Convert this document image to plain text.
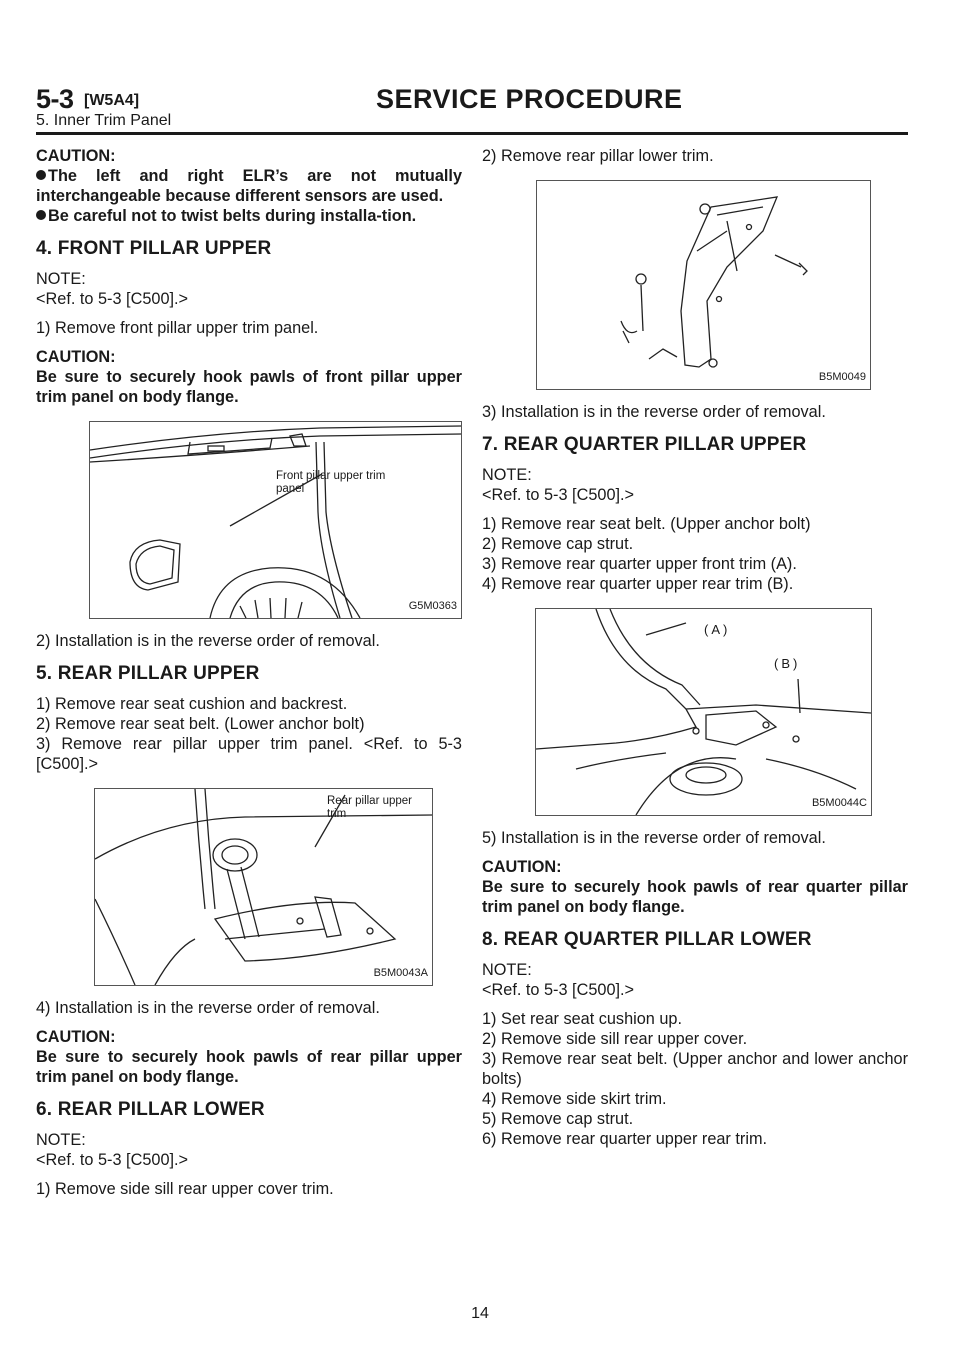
5-3 [W5A4]	SERVICE PROCEDURE
5. Inner Trim Panel

CAUTION:

The left and right ELR’s are not mutually interchangeable because different sensors are used.

Be careful not to twist belts during installa-tion.

4. FRONT PILLAR UPPER

NOTE:

<Ref. to 5-3 [C500].>

1) Remove front pillar upper trim panel.

CAUTION:

Be sure to securely hook pawls of front pillar upper trim panel on body flange.

Front pillar upper trim
panel
G5M0363

2) Installation is in the reverse order of removal.

5. REAR PILLAR UPPER

1) Remove rear seat cushion and backrest.

2) Remove rear seat belt. (Lower anchor bolt)

3) Remove rear pillar upper trim panel. <Ref. to 5-3 [C500].>

Rear pillar upper
trim
B5M0043A

4) Installation is in the reverse order of removal.

CAUTION:

Be sure to securely hook pawls of rear pillar upper trim panel on body flange.

6. REAR PILLAR LOWER

NOTE:

<Ref. to 5-3 [C500].>

1) Remove side sill rear upper cover trim.

2) Remove rear pillar lower trim.

B5M0049

3) Installation is in the reverse order of removal.

7. REAR QUARTER PILLAR UPPER

NOTE:

<Ref. to 5-3 [C500].>

1) Remove rear seat belt. (Upper anchor bolt)

2) Remove cap strut.

3) Remove rear quarter upper front trim (A).

4) Remove rear quarter upper rear trim (B).

(A)
(B)
B5M0044C

5) Installation is in the reverse order of removal.

CAUTION:

Be sure to securely hook pawls of rear quarter pillar trim panel on body flange.

8. REAR QUARTER PILLAR LOWER

NOTE:

<Ref. to 5-3 [C500].>

1) Set rear seat cushion up.

2) Remove side sill rear upper cover.

3) Remove rear seat belt. (Upper anchor and lower anchor bolts)

4) Remove side skirt trim.

5) Remove cap strut.

6) Remove rear quarter upper rear trim.

14
